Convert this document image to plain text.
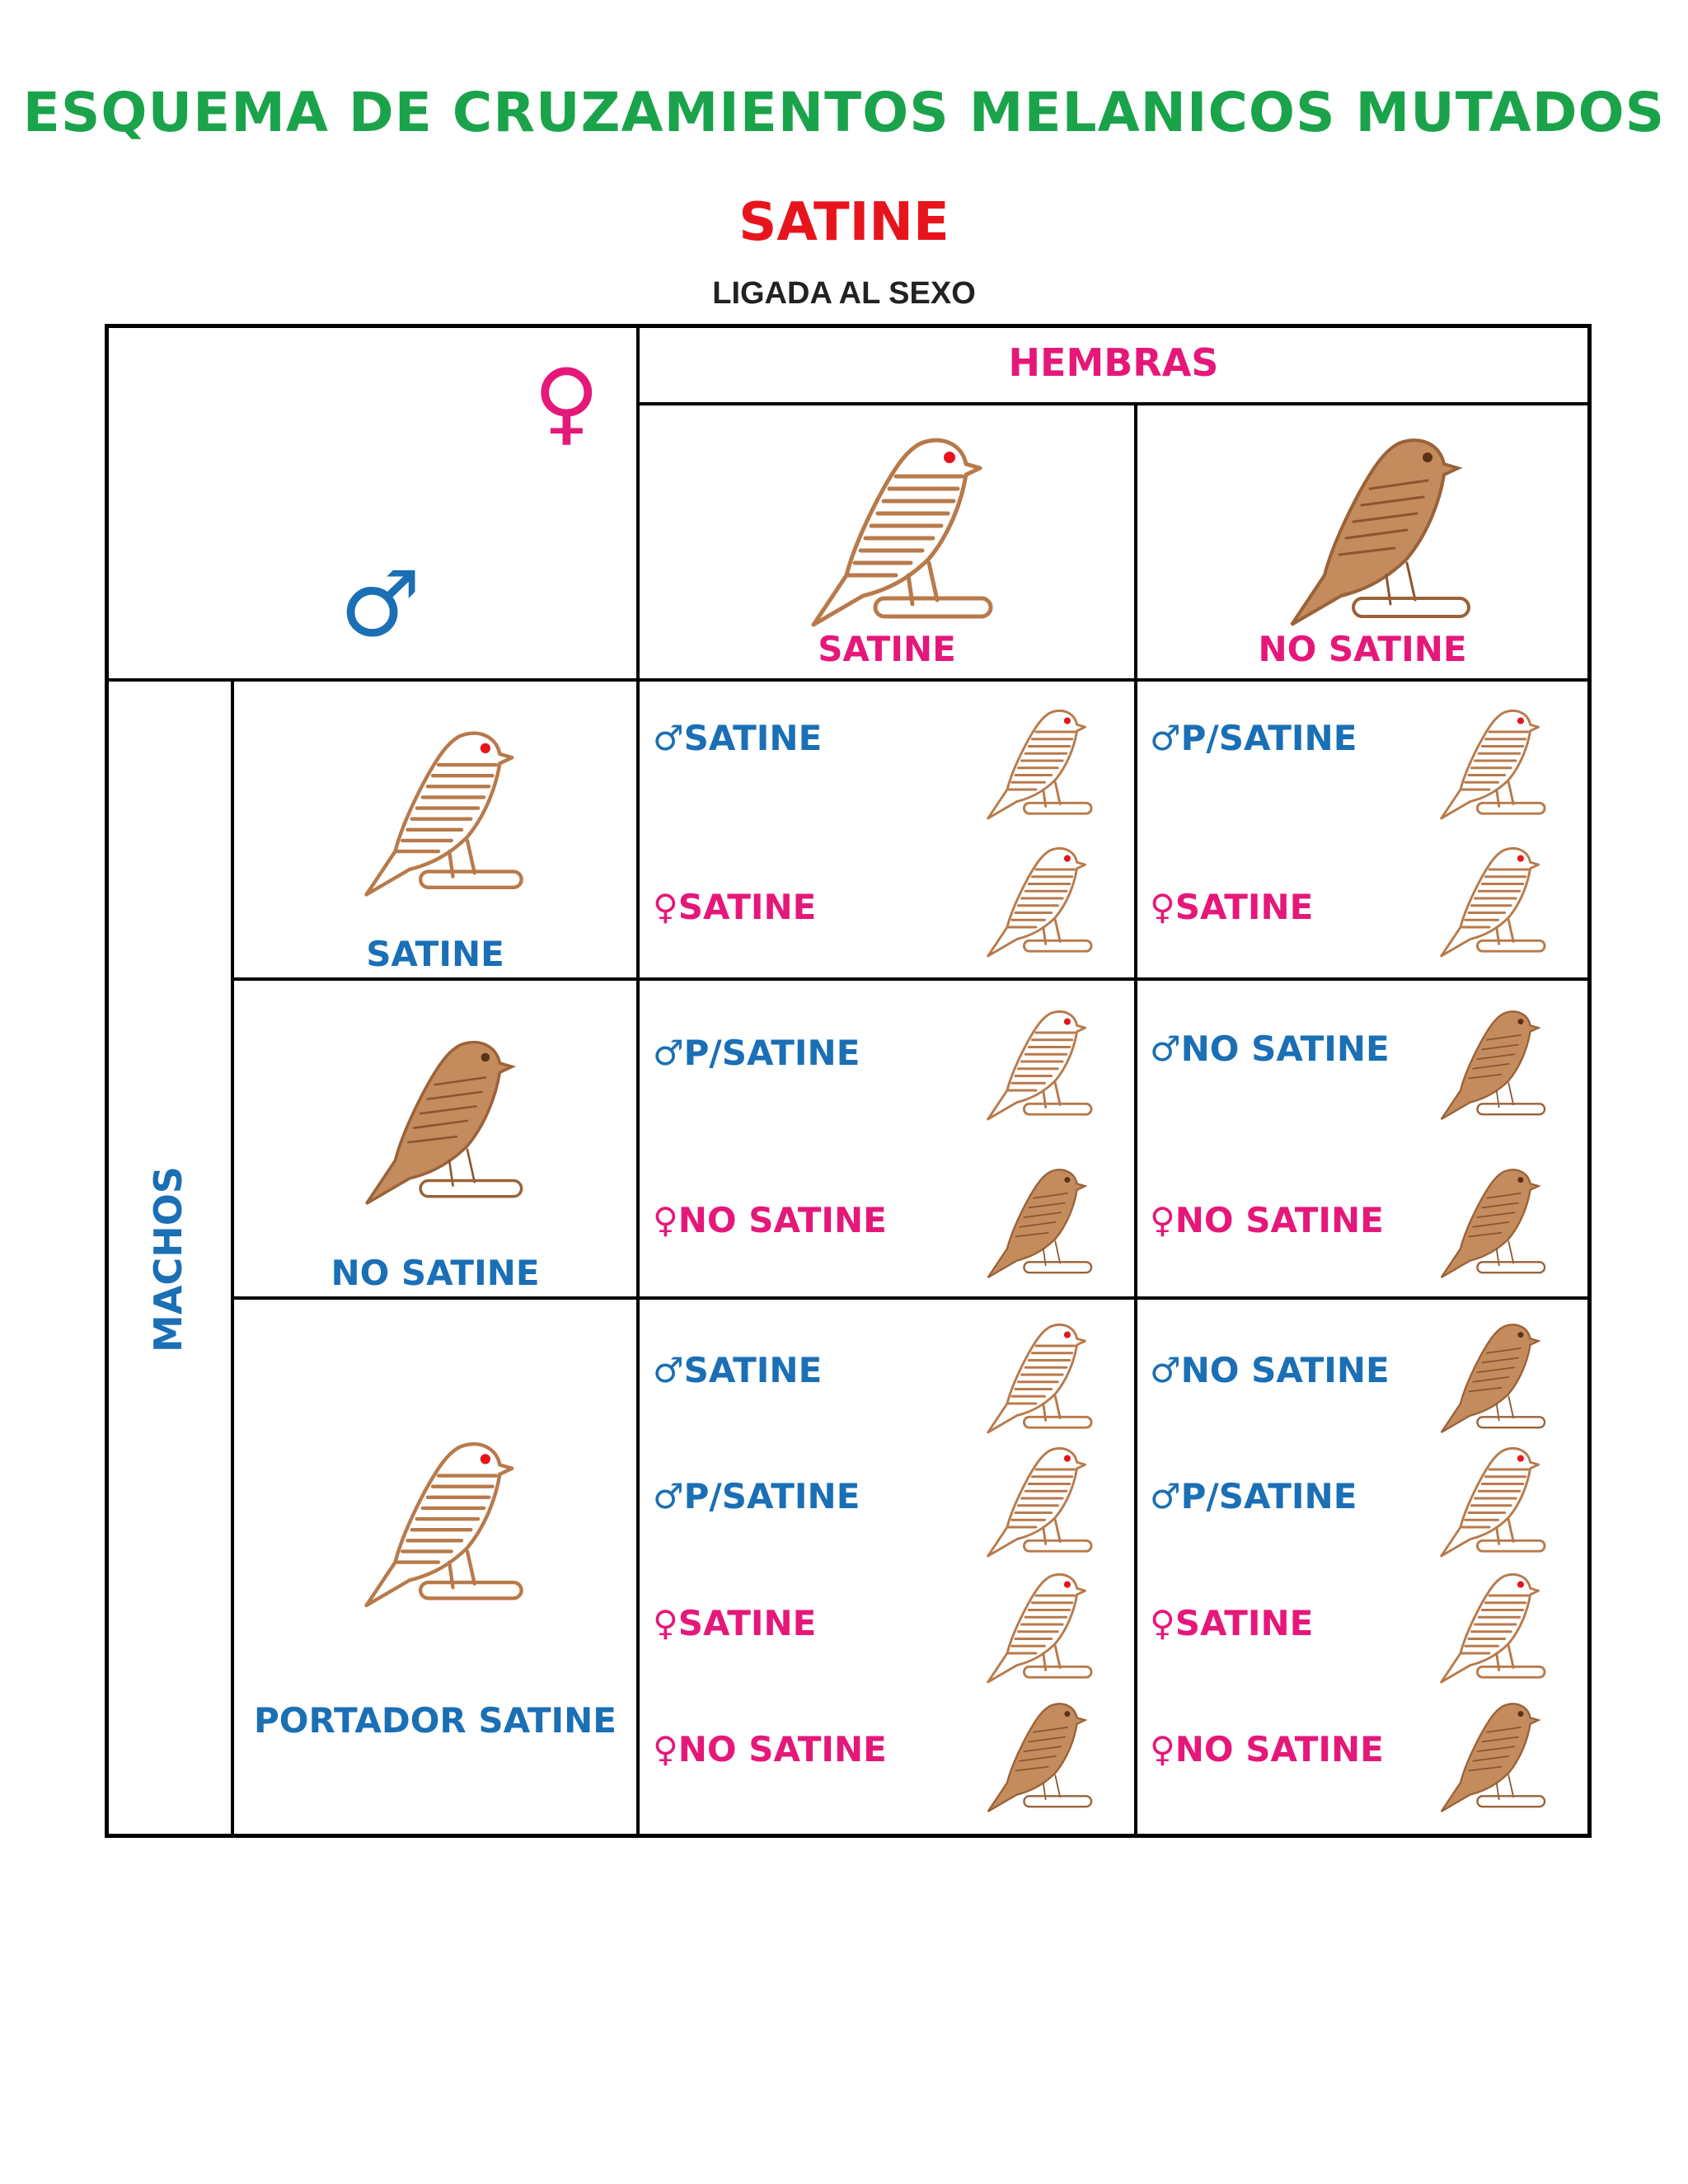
ESQUEMA DE CRUZAMIENTOS MELANICOS MUTADOS
SATINE
LIGADA AL SEXO
♀
♂
HEMBRAS
MACHOS
SATINE	NO SATINE
SATINE
NO SATINE
PORTADOR SATINE
♂SATINE
♀SATINE
♂P/SATINE
♀SATINE
♂P/SATINE
♀NO SATINE
♂NO SATINE
♀NO SATINE
♂SATINE
♂P/SATINE
♀SATINE
♀NO SATINE
♂NO SATINE
♂P/SATINE
♀SATINE
♀NO SATINE
